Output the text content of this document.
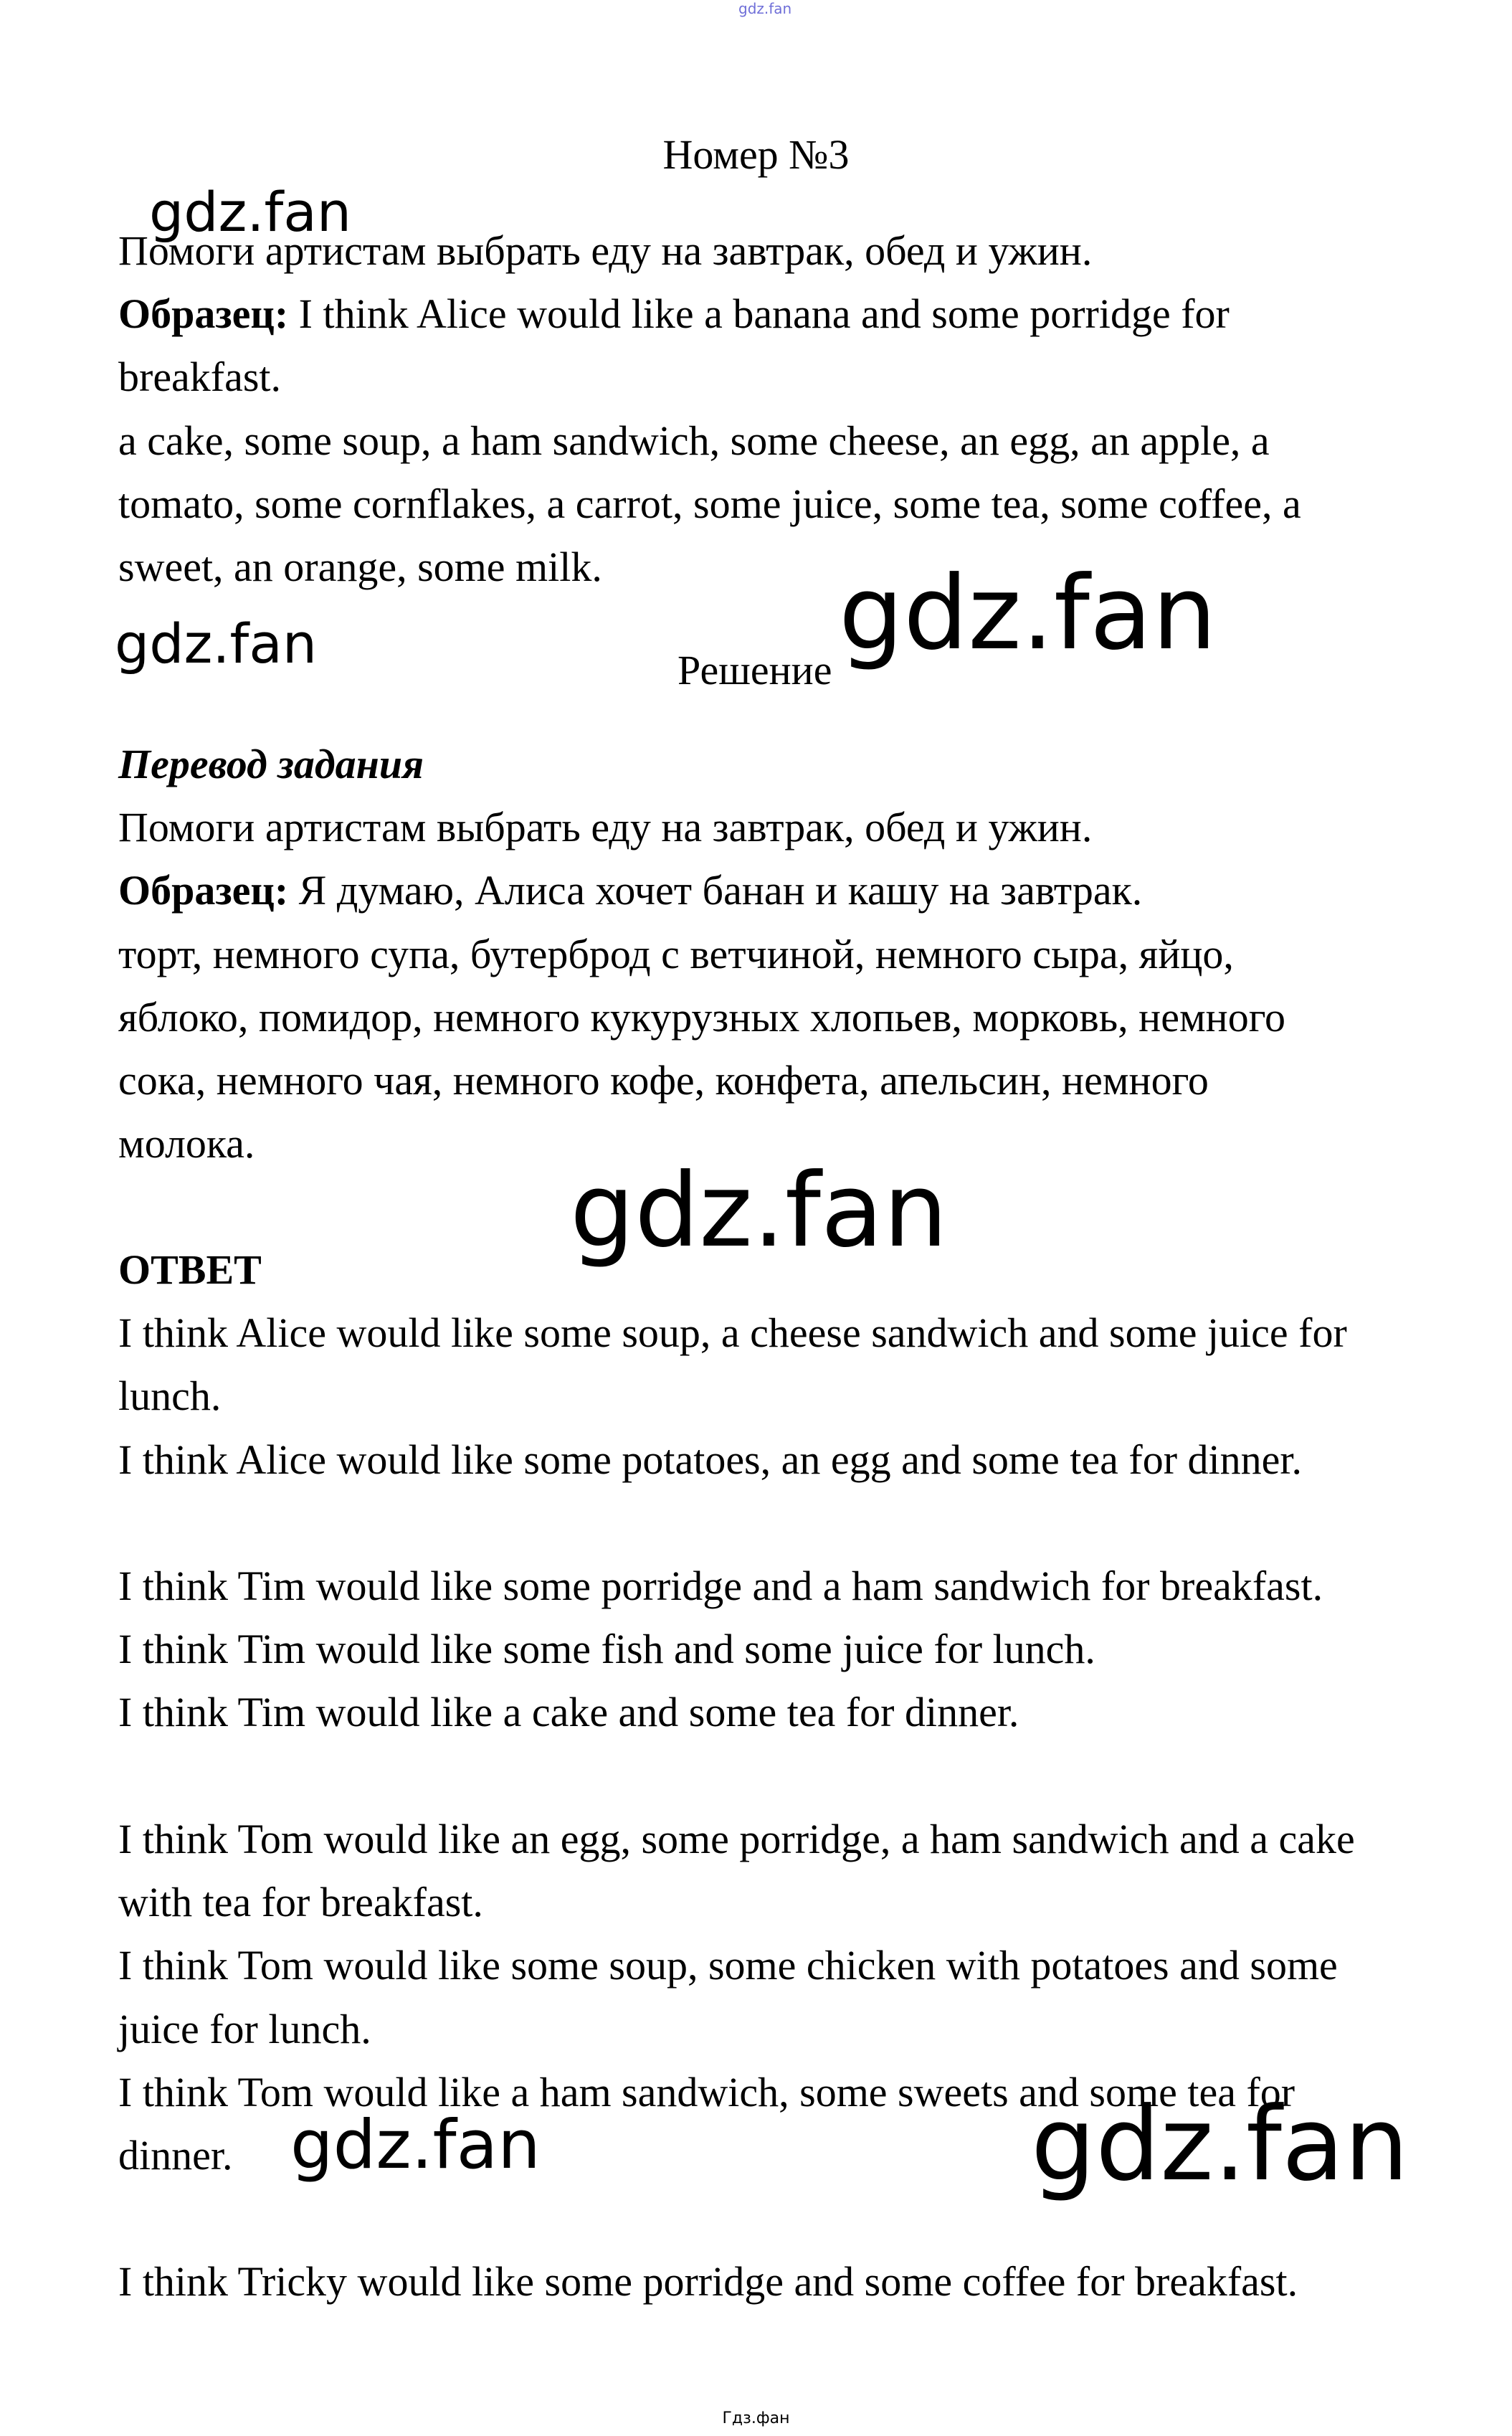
gdz.fan
Номер №3
Помоги артистам выбрать еду на завтрак, обед и ужин.
Образец: I think Alice would like a banana and some porridge for
breakfast.
a cake, some soup, a ham sandwich, some cheese, an egg, an apple, a
tomato, some cornflakes, a carrot, some juice, some tea, some coffee, a
sweet, an orange, some milk.
Решение
Перевод задания
Помоги артистам выбрать еду на завтрак, обед и ужин.
Образец: Я думаю, Алиса хочет банан и кашу на завтрак.
торт, немного супа, бутерброд с ветчиной, немного сыра, яйцо,
яблоко, помидор, немного кукурузных хлопьев, морковь, немного
сока, немного чая, немного кофе, конфета, апельсин, немного
молока.
ОТВЕТ
I think Alice would like some soup, a cheese sandwich and some juice for
lunch.
I think Alice would like some potatoes, an egg and some tea for dinner.
I think Tim would like some porridge and a ham sandwich for breakfast.
I think Tim would like some fish and some juice for lunch.
I think Tim would like a cake and some tea for dinner.
I think Tom would like an egg, some porridge, a ham sandwich and a cake
with tea for breakfast.
I think Tom would like some soup, some chicken with potatoes and some
juice for lunch.
I think Tom would like a ham sandwich, some sweets and some tea for
dinner.
I think Tricky would like some porridge and some coffee for breakfast.
gdz.fan
gdz.fan	gdz.fan
gdz.fan
gdz.fan	gdz.fan
Гдз.фан
